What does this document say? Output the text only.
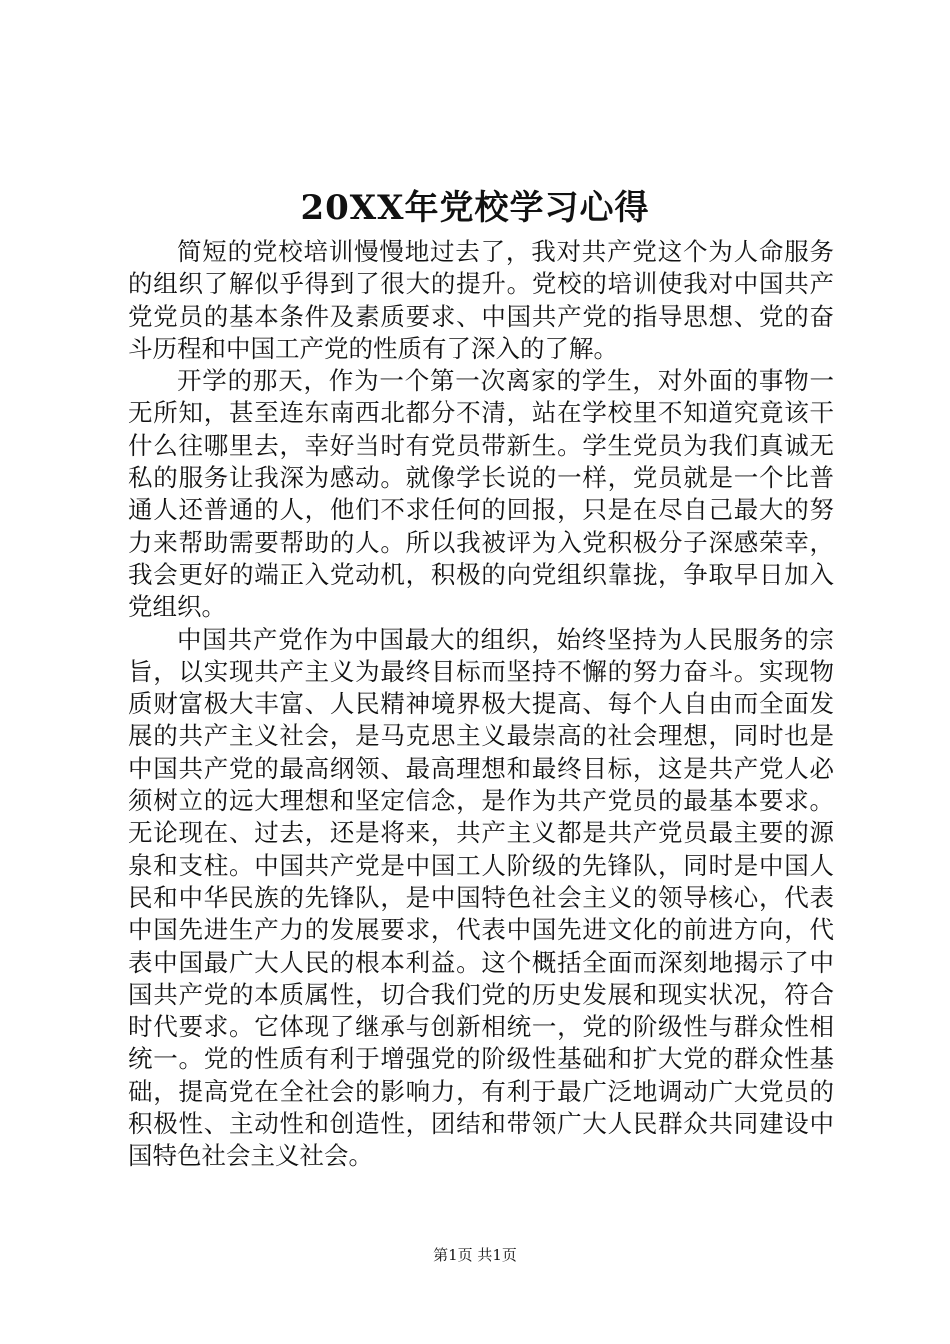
20XX年党校学习心得

简短的党校培训慢慢地过去了，我对共产党这个为人命服务的组织了解似乎得到了很大的提升。党校的培训使我对中国共产党党员的基本条件及素质要求、中国共产党的指导思想、党的奋斗历程和中国工产党的性质有了深入的了解。

开学的那天，作为一个第一次离家的学生，对外面的事物一无所知，甚至连东南西北都分不清，站在学校里不知道究竟该干什么往哪里去，幸好当时有党员带新生。学生党员为我们真诚无私的服务让我深为感动。就像学长说的一样，党员就是一个比普通人还普通的人，他们不求任何的回报，只是在尽自己最大的努力来帮助需要帮助的人。所以我被评为入党积极分子深感荣幸，我会更好的端正入党动机，积极的向党组织靠拢，争取早日加入党组织。

中国共产党作为中国最大的组织，始终坚持为人民服务的宗旨，以实现共产主义为最终目标而坚持不懈的努力奋斗。实现物质财富极大丰富、人民精神境界极大提高、每个人自由而全面发展的共产主义社会，是马克思主义最崇高的社会理想，同时也是中国共产党的最高纲领、最高理想和最终目标，这是共产党人必须树立的远大理想和坚定信念，是作为共产党员的最基本要求。无论现在、过去，还是将来，共产主义都是共产党员最主要的源泉和支柱。中国共产党是中国工人阶级的先锋队，同时是中国人民和中华民族的先锋队，是中国特色社会主义的领导核心，代表中国先进生产力的发展要求，代表中国先进文化的前进方向，代表中国最广大人民的根本利益。这个概括全面而深刻地揭示了中国共产党的本质属性，切合我们党的历史发展和现实状况，符合时代要求。它体现了继承与创新相统一，党的阶级性与群众性相统一。党的性质有利于增强党的阶级性基础和扩大党的群众性基础，提高党在全社会的影响力，有利于最广泛地调动广大党员的积极性、主动性和创造性，团结和带领广大人民群众共同建设中国特色社会主义社会。

第1页 共1页
